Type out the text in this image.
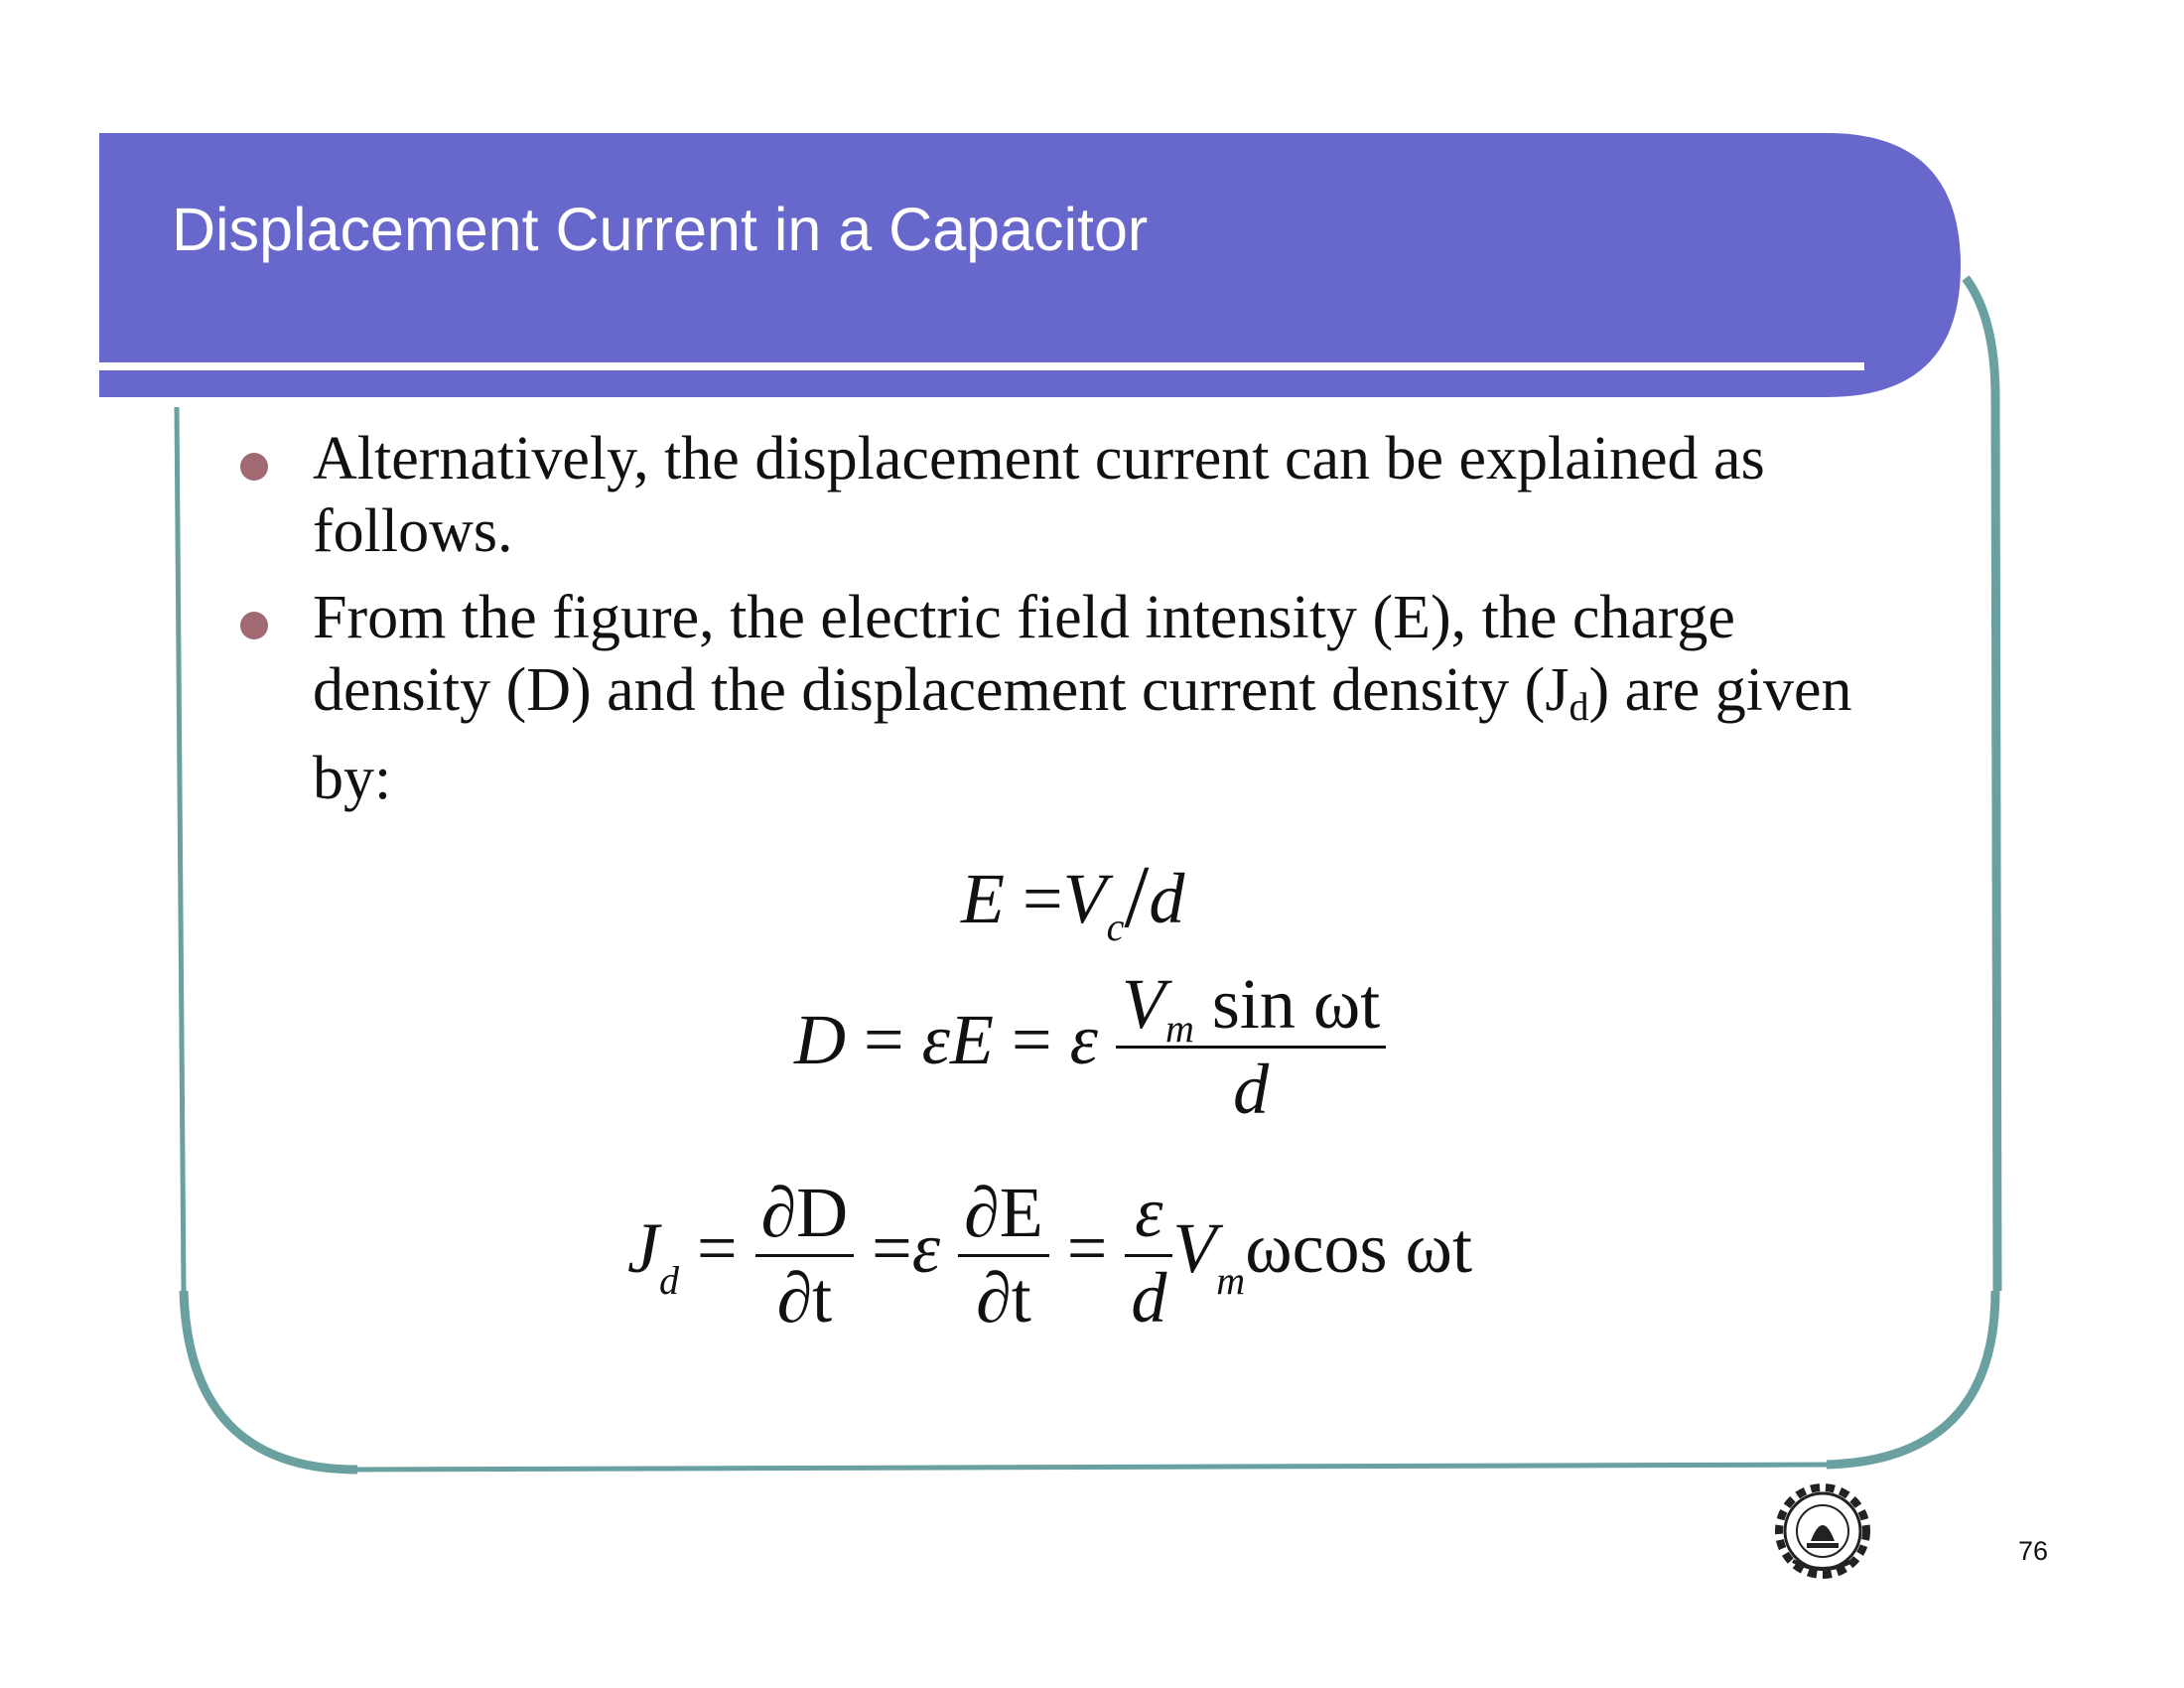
Displacement Current in a Capacitor
Alternatively, the displacement current can be explained as follows.
From the figure, the electric field intensity (E), the charge density (D) and the displacement current density $(J_d)$ are given by:
$E =V_c/d$
D = εE = ε $\frac{\text{Vm sin ωt}}{d}$
$J_d = \frac{\partial D}{\partial t} =\varepsilon \frac{\partial E}{\partial t} = \frac{\varepsilon}{d} V_m\omega\cos$ ωt
76
